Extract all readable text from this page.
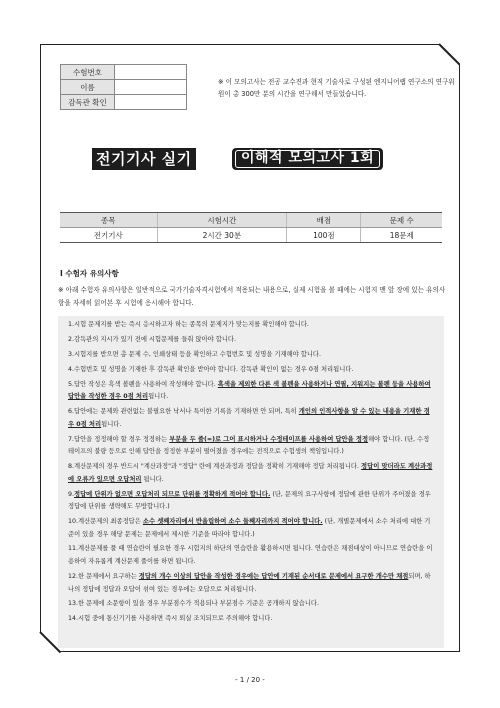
수험번호	
이름	
감독관 확인	
※ 이 모의고사는 전공 교수진과 현직 기술사로 구성된 엔지니어랩 연구소의 연구위원이 총 300만 분의 시간을 연구해서 만들었습니다.
전기기사 실기	이해적 모의고사 1회
종목	시험시간	배점	문제 수
전기기사	2시간 30분	100점	18문제
Ⅰ 수험자 유의사항
※ 아래 수험자 유의사항은 일반적으로 국가기술자격시험에서 적용되는 내용으로, 실제 시험을 볼 때에는 시험지 맨 앞 장에 있는 유의사항을 자세히 읽어본 후 시험에 응시해야 합니다.
1.시험 문제지를 받는 즉시 응시하고자 하는 종목의 문제지가 맞는지를 확인해야 합니다.
2.감독관의 지시가 있기 전에 시험문제를 들춰 앉아야 합니다.
3.시험지를 받으면 총 문제 수, 인쇄상태 등을 확인하고 수험번호 및 성명을 기재해야 합니다.
4.수험번호 및 성명을 기재한 후 감독관 확인을 받아야 합니다. 감독관 확인이 없는 경우 0점 처리됩니다.
5.답안 작성은 흑색 볼펜을 사용하여 작성해야 합니다. 흑색을 제외한 다른 색 볼펜을 사용하거나 연필, 지워지는 볼펜 등을 사용하여 답안을 작성한 경우 0점 처리됩니다.
6.답안에는 문제와 관련없는 불필요한 낙서나 특이한 기록을 기재하면 안 되며, 특히 개인의 인적사항을 알 수 있는 내용을 기재한 경우 0점 처리됩니다.
7.답안을 정정해야 할 경우 정정하는 부분을 두 줄(=)로 그어 표시하거나 수정테이프를 사용하여 답안을 정정해야 합니다. (단, 수정테이프의 불량 등으로 인해 답안을 정정한 부분이 떨어졌을 경우에는 전적으로 수험생의 책임입니다.)
8.계산문제의 경우 반드시 "계산과정"과 "정답" 란에 계산과정과 정답을 정확히 기재해야 정답 처리됩니다. 정답이 맞더라도 계산과정에 오류가 있으면 오답처리 됩니다.
9.정답에 단위가 없으면 오답처리 되므로 단위를 정확하게 적어야 합니다. (단, 문제의 요구사항에 정답에 관한 단위가 주어졌을 경우 정답에 단위를 생략해도 무방합니다.)
10.계산문제의 최종정답은 소수 셋째자리에서 반올림하여 소수 둘째자리까지 적어야 합니다. (단, 개별문제에서 소수 처리에 대한 기준이 있을 경우 해당 문제는 문제에서 제시한 기준을 따라야 합니다.)
11.계산문제를 풀 때 연습란이 필요한 경우 시험지의 하단의 연습란을 활용하시면 됩니다. 연습란은 채점대상이 아니므로 연습란을 이용하여 자유롭게 계산문제 풀이를 하면 됩니다.
12.한 문제에서 요구하는 정답의 개수 이상의 답안을 작성한 경우에는 답안에 기재된 순서대로 문제에서 요구한 개수만 채점되며, 하나의 정답에 정답과 오답이 섞여 있는 경우에는 오답으로 처리됩니다.
13.한 문제에 소문항이 있을 경우 부분점수가 적용되나 부분점수 기준은 공개하지 않습니다.
14.시험 중에 통신기기를 사용하면 즉시 퇴실 조치되므로 주의해야 합니다.
- 1 / 20 -
